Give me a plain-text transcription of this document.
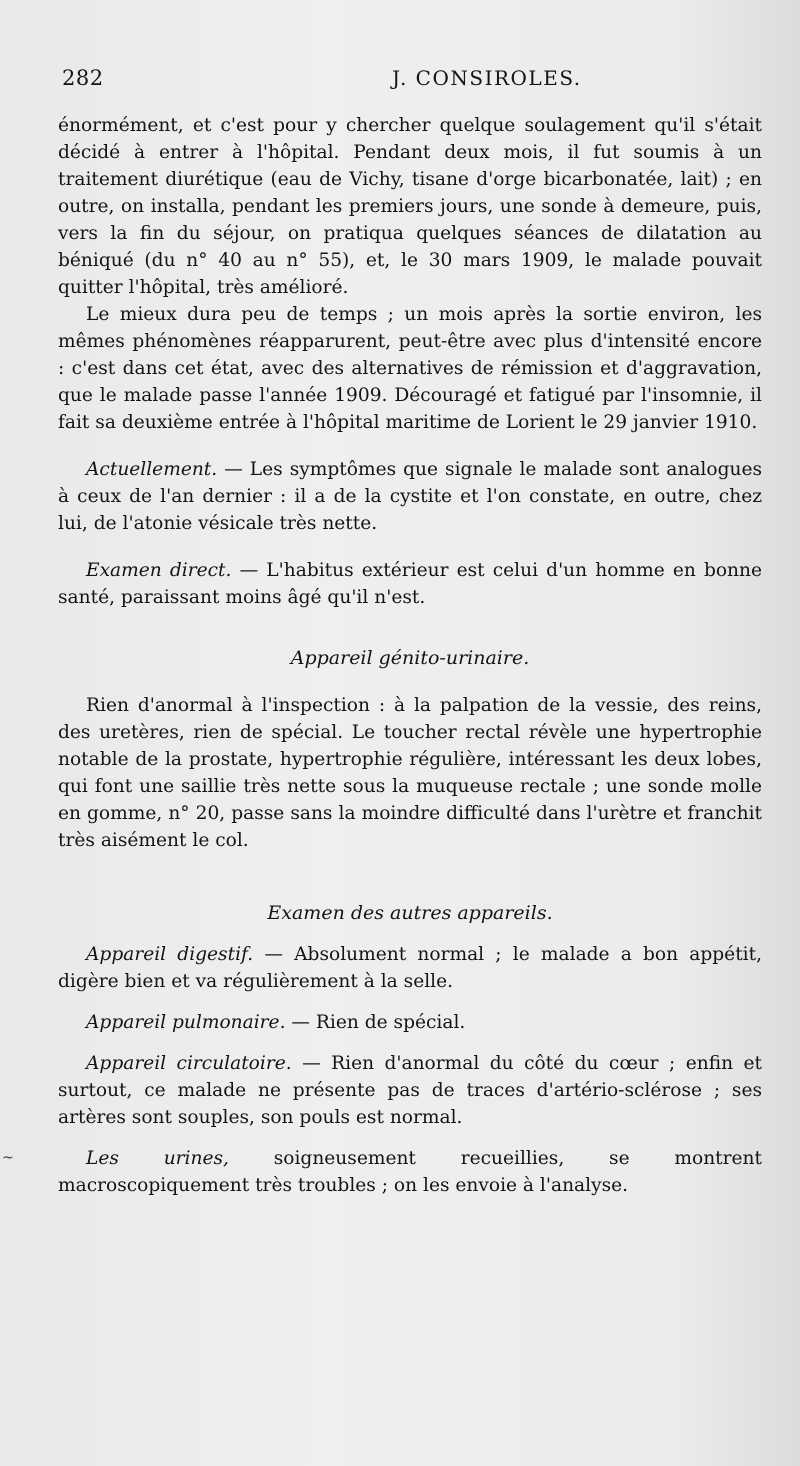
282	J. CONSIROLES.

énormément, et c'est pour y chercher quelque soulagement qu'il s'était décidé à entrer à l'hôpital. Pendant deux mois, il fut soumis à un traitement diurétique (eau de Vichy, tisane d'orge bicarbonatée, lait) ; en outre, on installa, pendant les premiers jours, une sonde à demeure, puis, vers la fin du séjour, on pratiqua quelques séances de dilatation au béniqué (du n° 40 au n° 55), et, le 30 mars 1909, le malade pouvait quitter l'hôpital, très amélioré.

Le mieux dura peu de temps ; un mois après la sortie environ, les mêmes phénomènes réapparurent, peut-être avec plus d'intensité encore : c'est dans cet état, avec des alternatives de rémission et d'aggravation, que le malade passe l'année 1909. Découragé et fatigué par l'insomnie, il fait sa deuxième entrée à l'hôpital maritime de Lorient le 29 janvier 1910.

Actuellement. — Les symptômes que signale le malade sont analogues à ceux de l'an dernier : il a de la cystite et l'on constate, en outre, chez lui, de l'atonie vésicale très nette.

Examen direct. — L'habitus extérieur est celui d'un homme en bonne santé, paraissant moins âgé qu'il n'est.

Appareil génito-urinaire.

Rien d'anormal à l'inspection : à la palpation de la vessie, des reins, des uretères, rien de spécial. Le toucher rectal révèle une hypertrophie notable de la prostate, hypertrophie régulière, intéressant les deux lobes, qui font une saillie très nette sous la muqueuse rectale ; une sonde molle en gomme, n° 20, passe sans la moindre difficulté dans l'urètre et franchit très aisément le col.

Examen des autres appareils.

Appareil digestif. — Absolument normal ; le malade a bon appétit, digère bien et va régulièrement à la selle.

Appareil pulmonaire. — Rien de spécial.

Appareil circulatoire. — Rien d'anormal du côté du cœur ; enfin et surtout, ce malade ne présente pas de traces d'artério-sclérose ; ses artères sont souples, son pouls est normal.

Les urines, soigneusement recueillies, se montrent macroscopiquement très troubles ; on les envoie à l'analyse.

~
